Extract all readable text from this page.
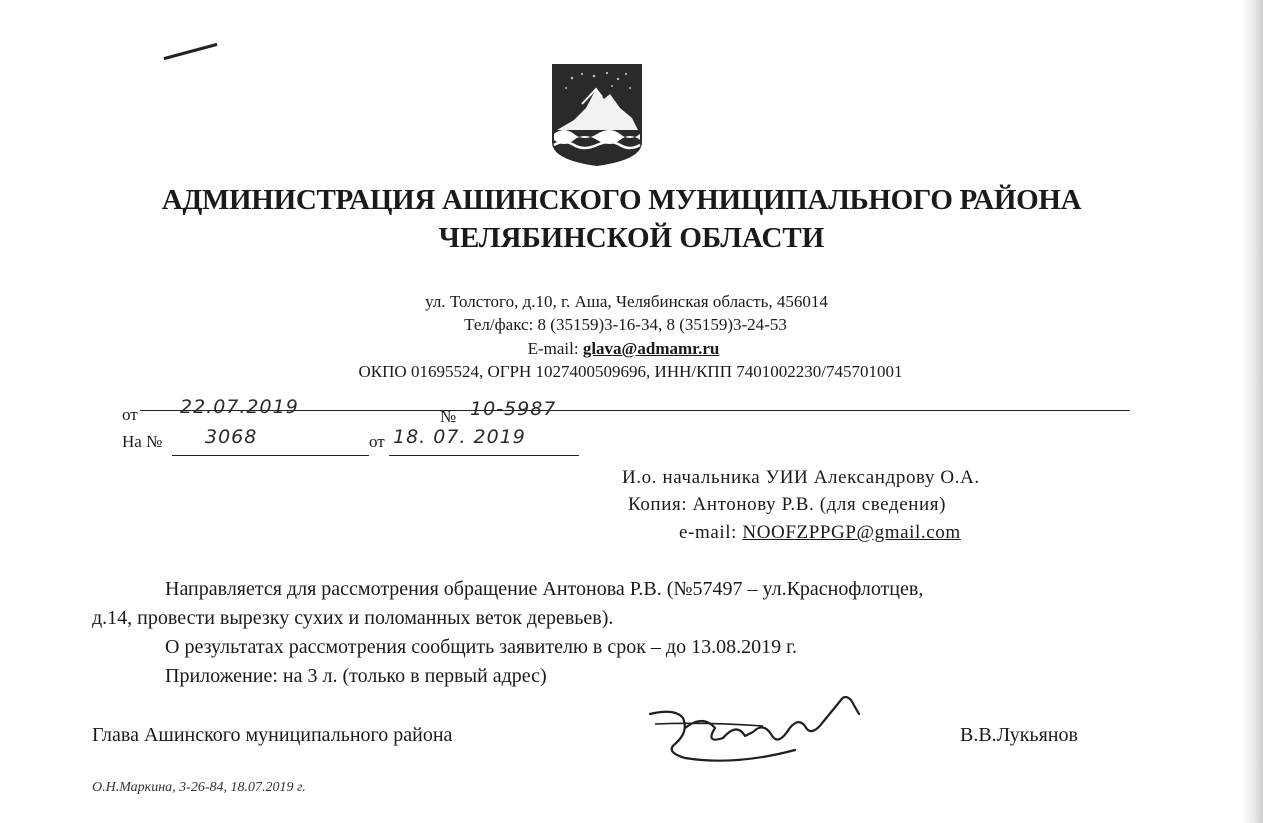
АДМИНИСТРАЦИЯ АШИНСКОГО МУНИЦИПАЛЬНОГО РАЙОНА
ЧЕЛЯБИНСКОЙ ОБЛАСТИ
ул. Толстого, д.10, г. Аша, Челябинская область, 456014
Тел/факс: 8 (35159)3-16-34, 8 (35159)3-24-53
E-mail: glava@admamr.ru
ОКПО 01695524, ОГРН 1027400509696, ИНН/КПП 7401002230/745701001
от 22.07.2019	№ 10-5987
На № 3068	от 18. 07. 2019
И.о. начальника УИИ Александрову О.А.
Копия: Антонову Р.В. (для сведения)
e-mail: NOOFZPPGP@gmail.com
Направляется для рассмотрения обращение Антонова Р.В. (№57497 – ул.Краснофлотцев,
д.14, провести вырезку сухих и поломанных веток деревьев).
О результатах рассмотрения сообщить заявителю в срок – до 13.08.2019 г.
Приложение: на 3 л. (только в первый адрес)
Глава Ашинского муниципального района	В.В.Лукьянов
О.Н.Маркина, 3-26-84, 18.07.2019 г.
